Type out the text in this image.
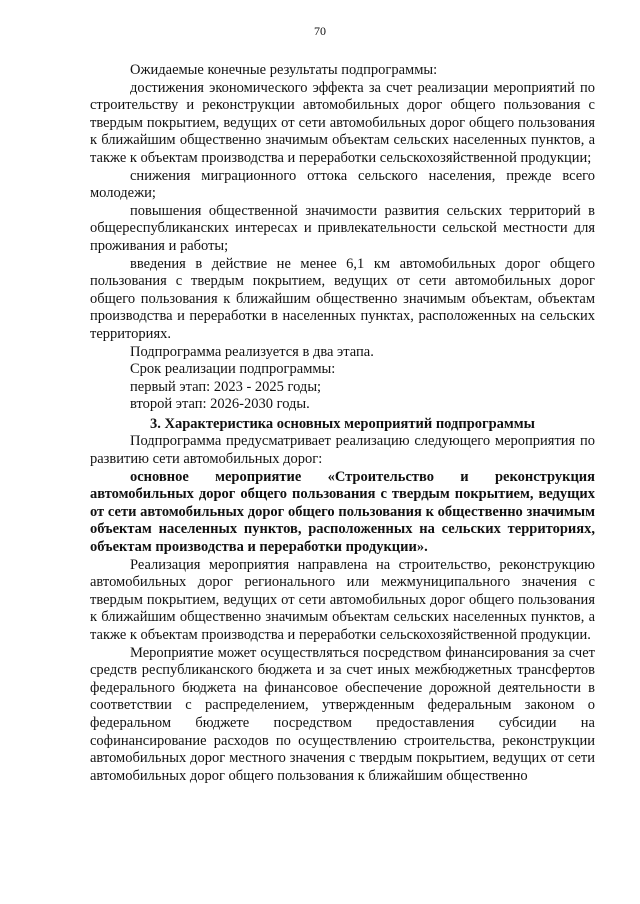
70

Ожидаемые конечные результаты подпрограммы:

достижения экономического эффекта за счет реализации мероприятий по строительству и реконструкции автомобильных дорог общего пользования с твердым покрытием, ведущих от сети автомобильных дорог общего пользования к ближайшим общественно значимым объектам сельских населенных пунктов, а также к объектам производства и переработки сельскохозяйственной продукции;

снижения миграционного оттока сельского населения, прежде всего молодежи;

повышения общественной значимости развития сельских территорий в общереспубликанских интересах и привлекательности сельской местности для проживания и работы;

введения в действие не менее 6,1 км автомобильных дорог общего пользования с твердым покрытием, ведущих от сети автомобильных дорог общего пользования к ближайшим общественно значимым объектам, объектам производства и переработки в населенных пунктах, расположенных на сельских территориях.

Подпрограмма реализуется в два этапа.

Срок реализации подпрограммы:

первый этап: 2023 - 2025 годы;

второй этап: 2026-2030 годы.

3. Характеристика основных мероприятий подпрограммы

Подпрограмма предусматривает реализацию следующего мероприятия по развитию сети автомобильных дорог:

основное мероприятие «Строительство и реконструкция автомобильных дорог общего пользования с твердым покрытием, ведущих от сети автомобильных дорог общего пользования к общественно значимым объектам населенных пунктов, расположенных на сельских территориях, объектам производства и переработки продукции».

Реализация мероприятия направлена на строительство, реконструкцию автомобильных дорог регионального или межмуниципального значения с твердым покрытием, ведущих от сети автомобильных дорог общего пользования к ближайшим общественно значимым объектам сельских населенных пунктов, а также к объектам производства и переработки сельскохозяйственной продукции.

Мероприятие может осуществляться посредством финансирования за счет средств республиканского бюджета и за счет иных межбюджетных трансфертов федерального бюджета на финансовое обеспечение дорожной деятельности в соответствии с распределением, утвержденным федеральным законом о федеральном бюджете посредством предоставления субсидии на софинансирование расходов по осуществлению строительства, реконструкции автомобильных дорог местного значения с твердым покрытием, ведущих от сети автомобильных дорог общего пользования к ближайшим общественно
